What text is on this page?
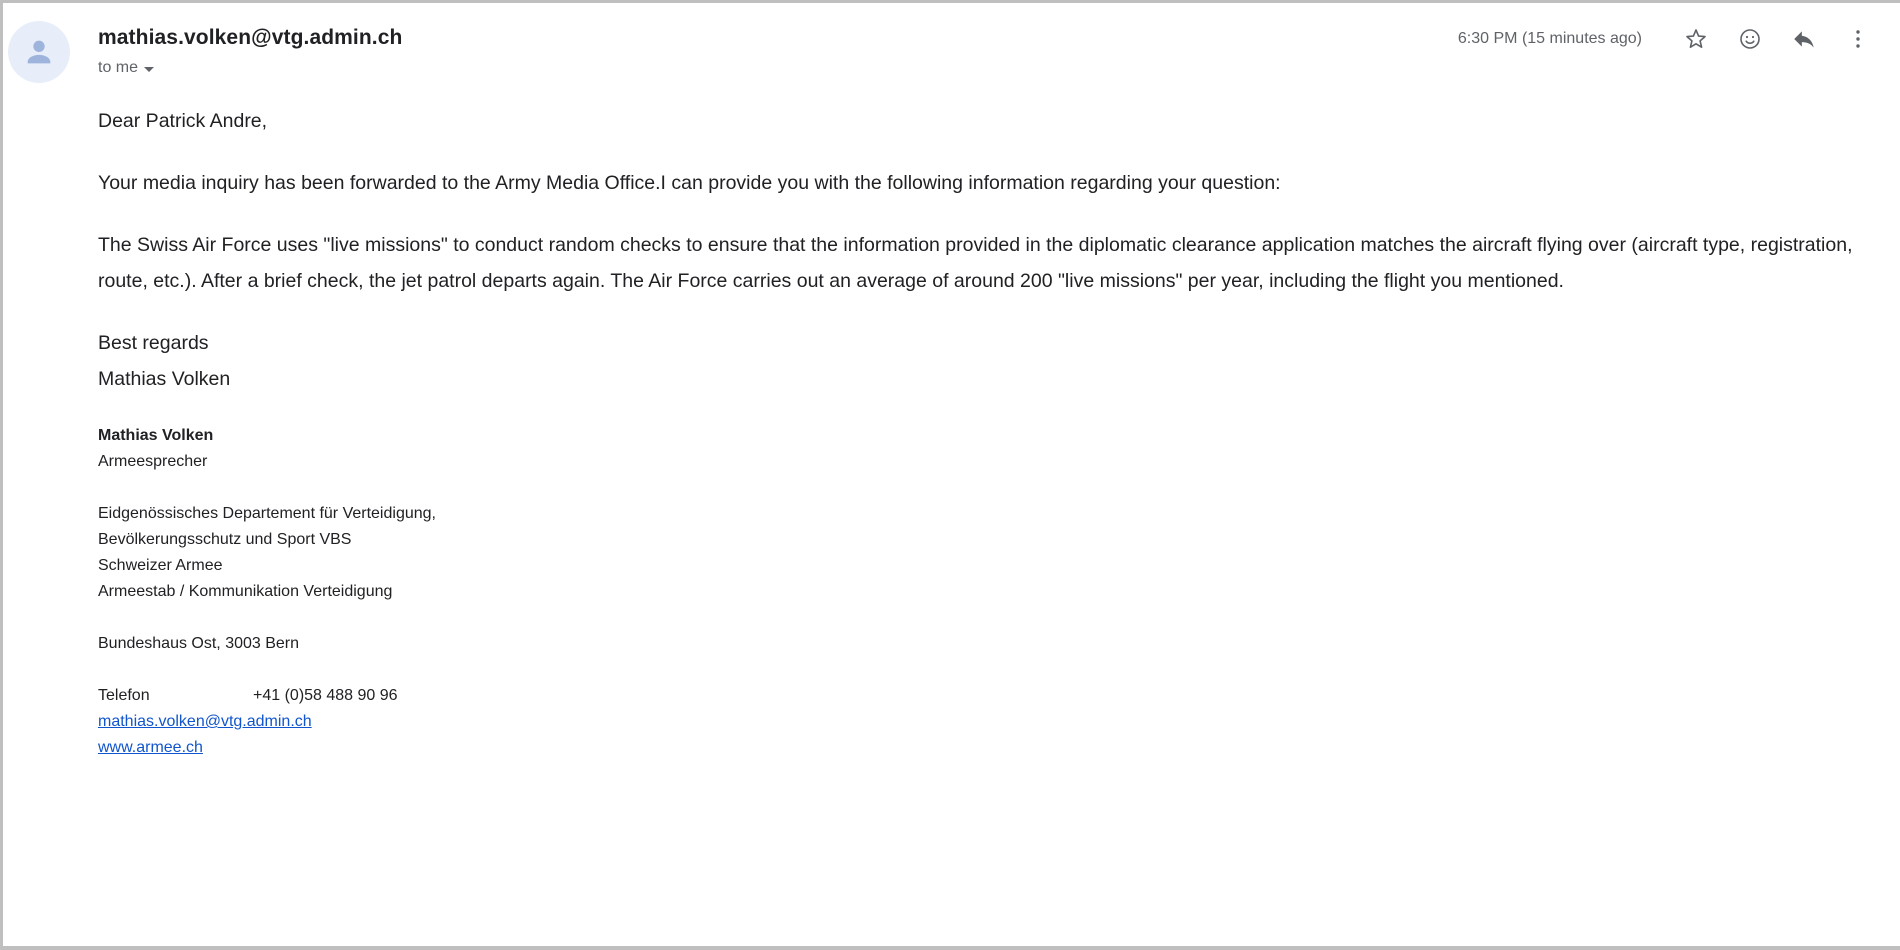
mathias.volken@vtg.admin.ch
to me
6:30 PM (15 minutes ago)

Dear Patrick Andre,

Your media inquiry has been forwarded to the Army Media Office.I can provide you with the following information regarding your question:

The Swiss Air Force uses "live missions" to conduct random checks to ensure that the information provided in the diplomatic clearance application matches the aircraft flying over (aircraft type, registration, route, etc.). After a brief check, the jet patrol departs again. The Air Force carries out an average of around 200 "live missions" per year, including the flight you mentioned.

Best regards

Mathias Volken

Mathias Volken

Armeesprecher

Eidgenössisches Departement für Verteidigung,

Bevölkerungsschutz und Sport VBS

Schweizer Armee

Armeestab / Kommunikation Verteidigung

Bundeshaus Ost, 3003 Bern

Telefon	+41 (0)58 488 90 96
mathias.volken@vtg.admin.ch
www.armee.ch
